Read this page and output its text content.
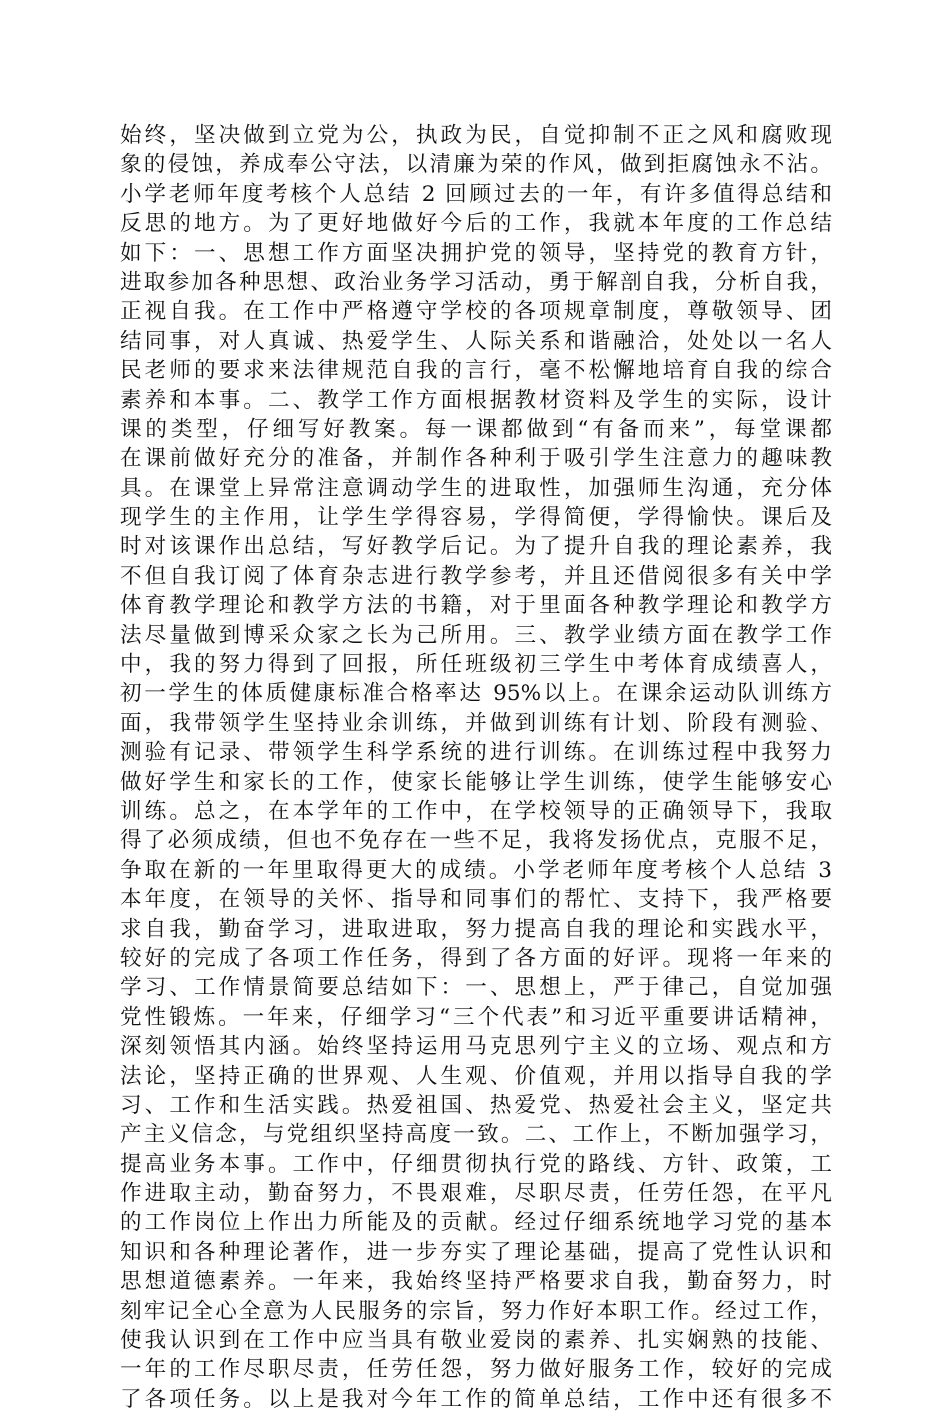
始终，坚决做到立党为公，执政为民，自觉抑制不正之风和腐败现
象的侵蚀，养成奉公守法，以清廉为荣的作风，做到拒腐蚀永不沾。
小学老师年度考核个人总结 2 回顾过去的一年，有许多值得总结和
反思的地方。为了更好地做好今后的工作，我就本年度的工作总结
如下：一、思想工作方面坚决拥护党的领导，坚持党的教育方针，
进取参加各种思想、政治业务学习活动，勇于解剖自我，分析自我，
正视自我。在工作中严格遵守学校的各项规章制度，尊敬领导、团
结同事，对人真诚、热爱学生、人际关系和谐融洽，处处以一名人
民老师的要求来法律规范自我的言行，毫不松懈地培育自我的综合
素养和本事。二、教学工作方面根据教材资料及学生的实际，设计
课的类型，仔细写好教案。每一课都做到“有备而来”，每堂课都
在课前做好充分的准备，并制作各种利于吸引学生注意力的趣味教
具。在课堂上异常注意调动学生的进取性，加强师生沟通，充分体
现学生的主作用，让学生学得容易，学得简便，学得愉快。课后及
时对该课作出总结，写好教学后记。为了提升自我的理论素养，我
不但自我订阅了体育杂志进行教学参考，并且还借阅很多有关中学
体育教学理论和教学方法的书籍，对于里面各种教学理论和教学方
法尽量做到博采众家之长为己所用。三、教学业绩方面在教学工作
中，我的努力得到了回报，所任班级初三学生中考体育成绩喜人，
初一学生的体质健康标准合格率达 95%以上。在课余运动队训练方
面，我带领学生坚持业余训练，并做到训练有计划、阶段有测验、
测验有记录、带领学生科学系统的进行训练。在训练过程中我努力
做好学生和家长的工作，使家长能够让学生训练，使学生能够安心
训练。总之，在本学年的工作中，在学校领导的正确领导下，我取
得了必须成绩，但也不免存在一些不足，我将发扬优点，克服不足，
争取在新的一年里取得更大的成绩。小学老师年度考核个人总结 3
本年度，在领导的关怀、指导和同事们的帮忙、支持下，我严格要
求自我，勤奋学习，进取进取，努力提高自我的理论和实践水平，
较好的完成了各项工作任务，得到了各方面的好评。现将一年来的
学习、工作情景简要总结如下：一、思想上，严于律己，自觉加强
党性锻炼。一年来，仔细学习“三个代表”和习近平重要讲话精神，
深刻领悟其内涵。始终坚持运用马克思列宁主义的立场、观点和方
法论，坚持正确的世界观、人生观、价值观，并用以指导自我的学
习、工作和生活实践。热爱祖国、热爱党、热爱社会主义，坚定共
产主义信念，与党组织坚持高度一致。二、工作上，不断加强学习，
提高业务本事。工作中，仔细贯彻执行党的路线、方针、政策，工
作进取主动，勤奋努力，不畏艰难，尽职尽责，任劳任怨，在平凡
的工作岗位上作出力所能及的贡献。经过仔细系统地学习党的基本
知识和各种理论著作，进一步夯实了理论基础，提高了党性认识和
思想道德素养。一年来，我始终坚持严格要求自我，勤奋努力，时
刻牢记全心全意为人民服务的宗旨，努力作好本职工作。经过工作，
使我认识到在工作中应当具有敬业爱岗的素养、扎实娴熟的技能、
一年的工作尽职尽责，任劳任怨，努力做好服务工作，较好的完成
了各项任务。以上是我对今年工作的简单总结，工作中还有很多不
